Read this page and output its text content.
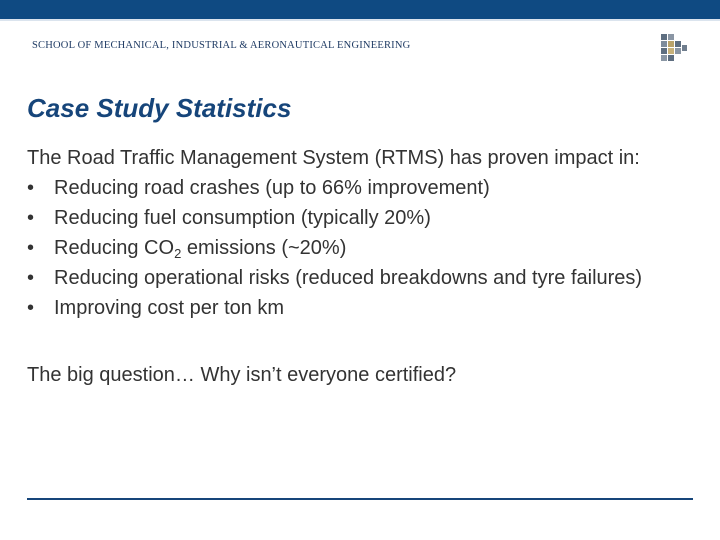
SCHOOL OF MECHANICAL, INDUSTRIAL & AERONAUTICAL ENGINEERING
Case Study Statistics

The Road Traffic Management System (RTMS) has proven impact in:

• Reducing road crashes (up to 66% improvement)
• Reducing fuel consumption (typically 20%)
• Reducing $CO_2$ emissions (~20%)
• Reducing operational risks (reduced breakdowns and tyre failures)
• Improving cost per ton km

The big question… Why isn’t everyone certified?
